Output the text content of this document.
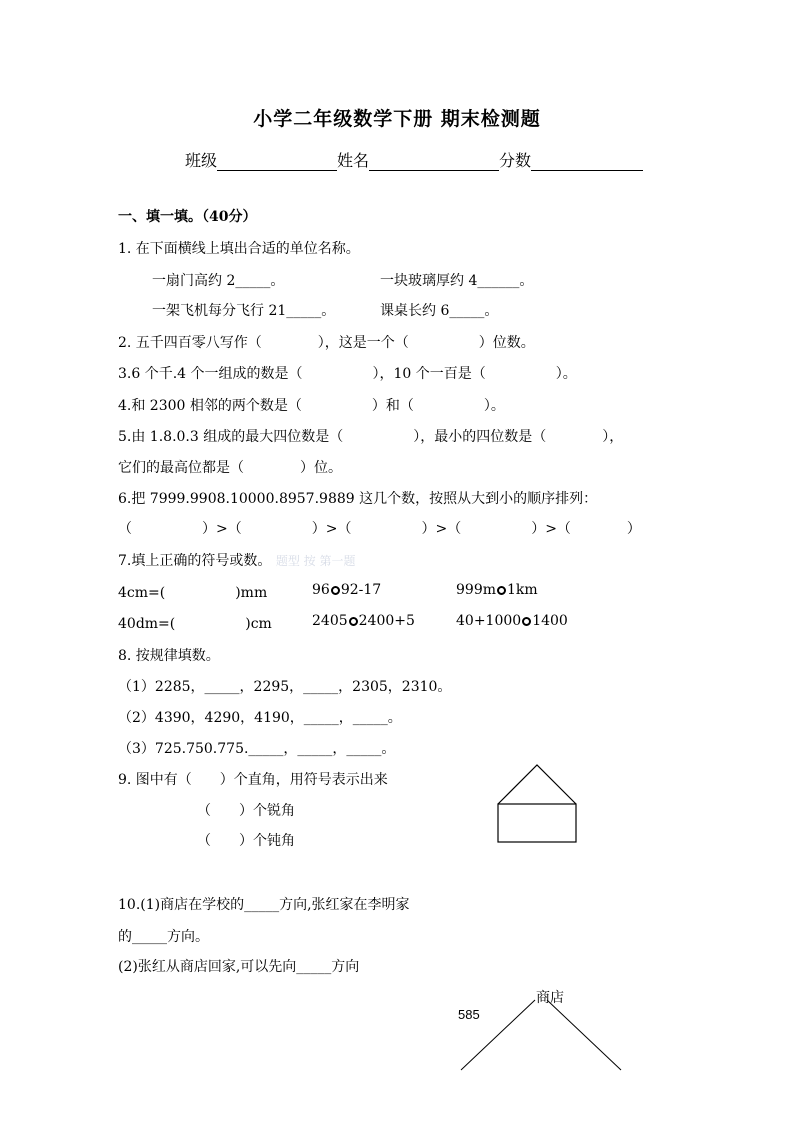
小学二年级数学下册 期末检测题
班级	姓名	分数
一、填一填。（40分）
1. 在下面横线上填出合适的单位名称。
一扇门高约 2_____。	一块玻璃厚约 4______。
一架飞机每分飞行 21_____。	课桌长约 6_____。
2. 五千四百零八写作（　　　　），这是一个（　　　　　）位数。
3.6 个千.4 个一组成的数是（　　　　　），10 个一百是（　　　　　）。
4.和 2300 相邻的两个数是（　　　　　）和（　　　　　）。
5.由 1.8.0.3 组成的最大四位数是（　　　　　），最小的四位数是（　　　　），
它们的最高位都是（　　　　）位。
6.把 7999.9908.10000.8957.9889 这几个数，按照从大到小的顺序排列：
（　　　　　）>（　　　　　）>（　　　　　）>（　　　　　）>（　　　　）
7.填上正确的符号或数。 题型 按 第一题
4cm=(　　　　　)mm	96 92-17	999m 1km
40dm=(　　　　　)cm	2405 2400+5	40+1000 1400
8. 按规律填数。
（1）2285，_____，2295，_____，2305，2310。
（2）4390，4290，4190，_____，_____。
（3）725.750.775._____，_____，_____。
9. 图中有（　　）个直角，用符号表示出来
（　　）个锐角
（　　）个钝角
10.(1)商店在学校的_____方向,张红家在李明家
的_____方向。
(2)张红从商店回家,可以先向_____方向
585
商店
